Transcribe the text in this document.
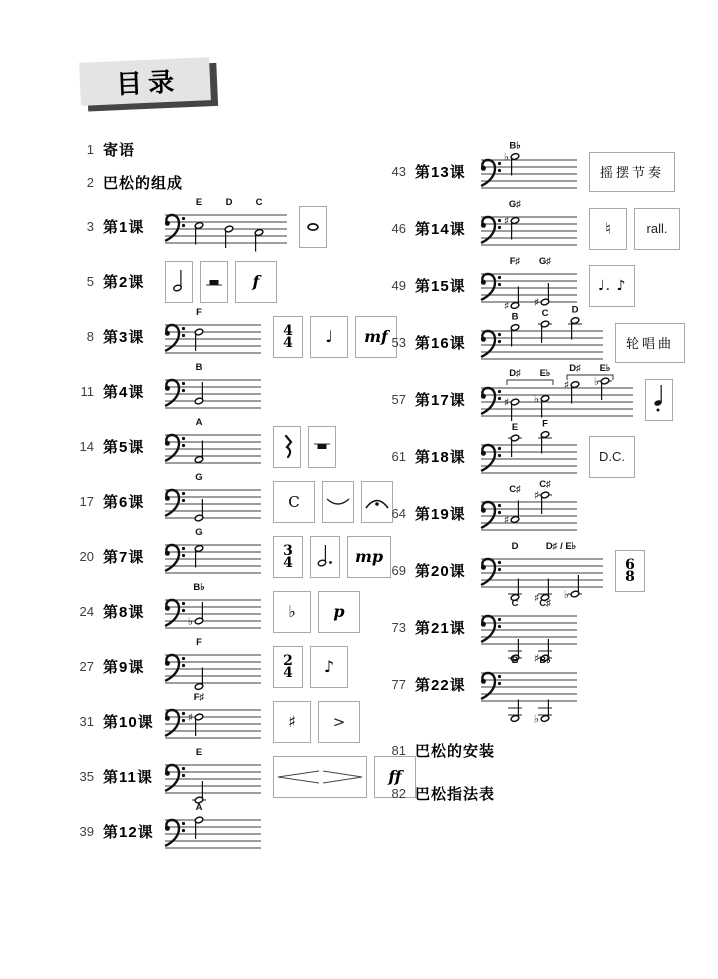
目录
1 寄语
2 巴松的组成
3 第1课
E D C
5 第2课	f
8 第3课
F
4
4	♩	mf
11 第4课
B
14 第5课
A
17 第6课
G
C
20 第7课
G
3
4	mp
24 第8课	♭
B♭
♭	p
27 第9课
F
2
4	♪
31 第10课	♯
F♯
♯	>
35 第11课
E
ff
39 第12课
A
43 第13课
♭
B♭
摇摆节奏
46 第14课
♯
G♯
♮	rall.
49 第15课
♯ ♯
F♯ G♯
♩. ♪
53 第16课
B C D
轮唱曲
57 第17课	♯ ♭
♯ ♭
D♯ E♭ D♯ E♭
61 第18课
E	F
D.C.
64 第19课	♯
♯
C♯ C♯
69 第20课
♯ ♭
D	D♯ / E♭
6
8
73 第21课
♯
C C♯
77 第22课
♭
B B♭
81 巴松的安装
82 巴松指法表
